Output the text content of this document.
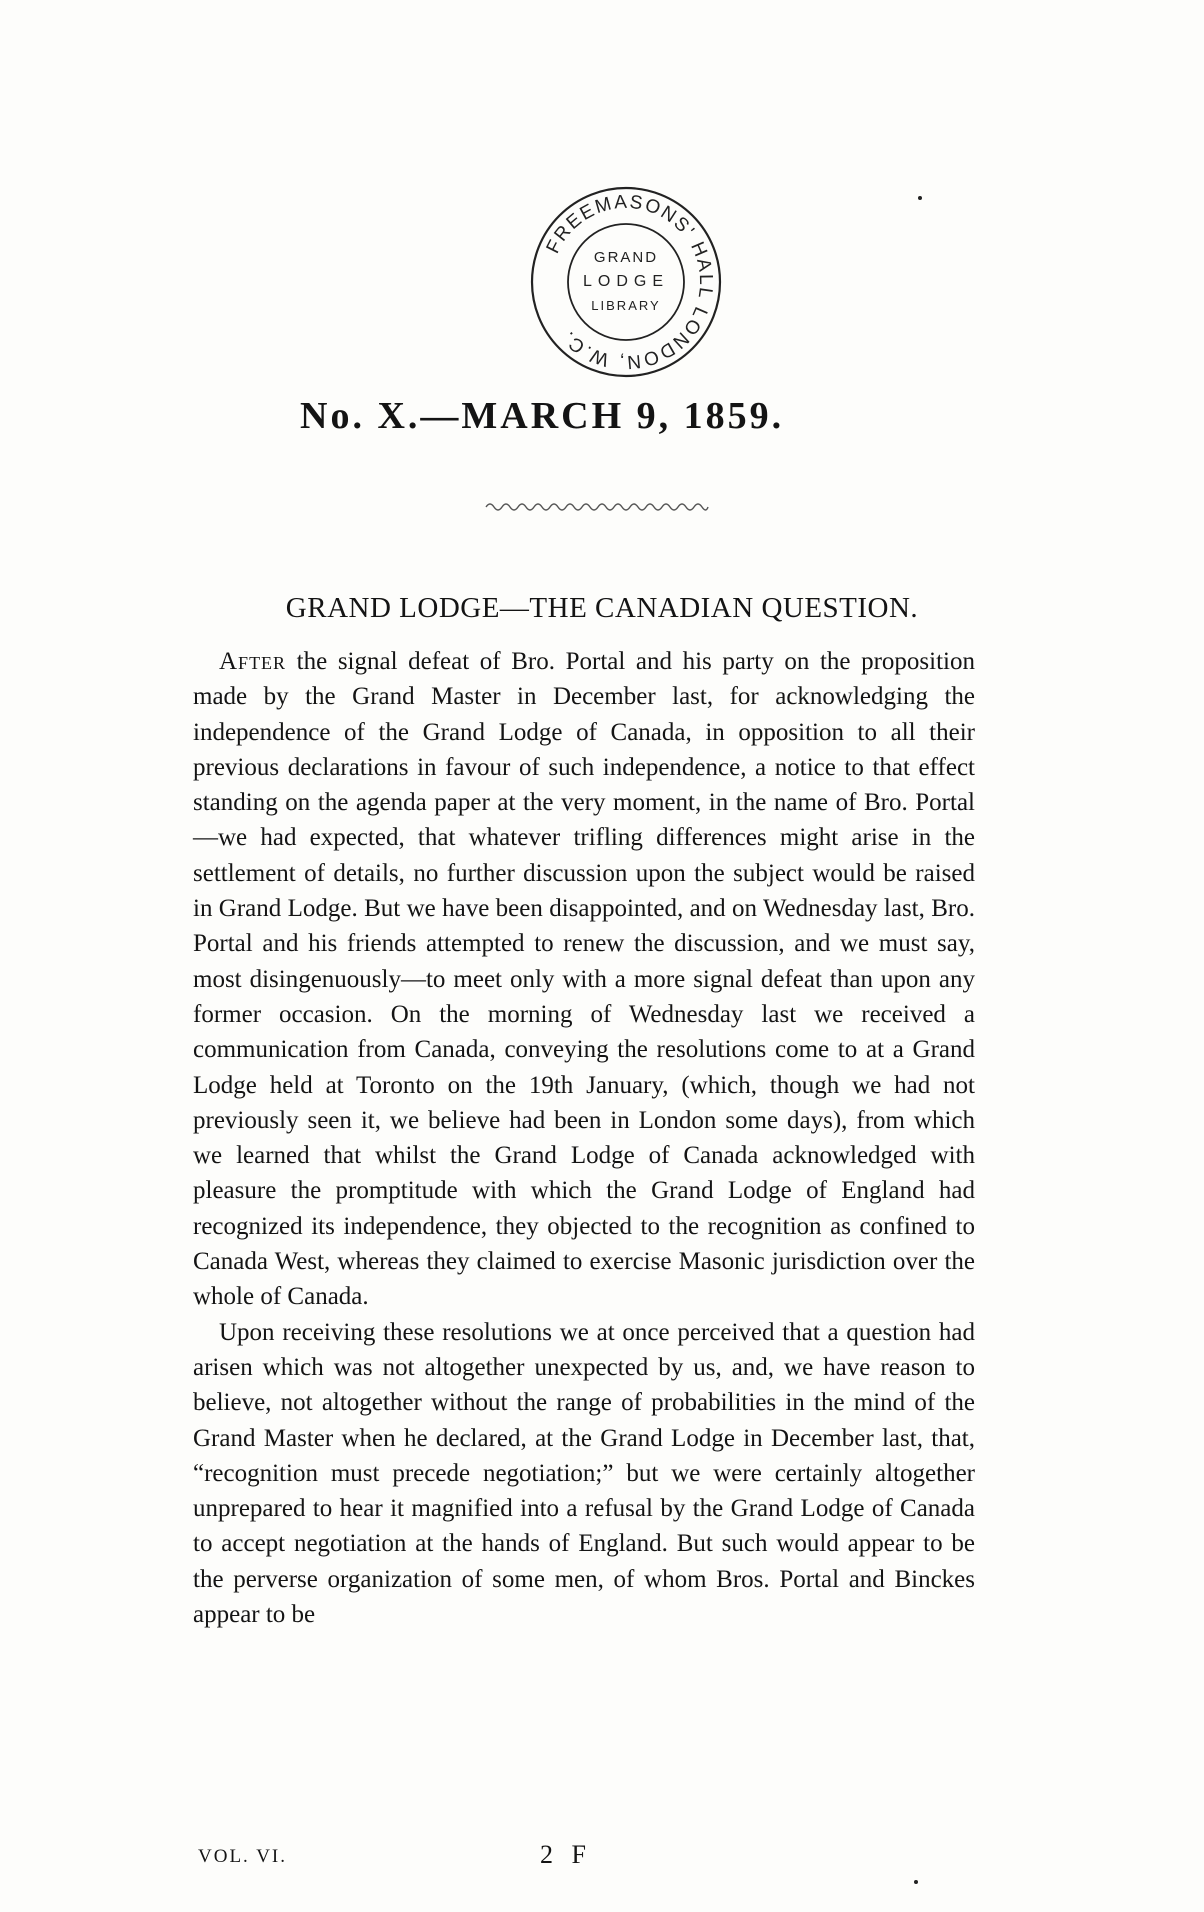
FREEMASONS' HALL LONDON, W.C.
GRAND
LODGE
LIBRARY
No. X.—MARCH 9, 1859.
GRAND LODGE—THE CANADIAN QUESTION.

After the signal defeat of Bro. Portal and his party on the proposition made by the Grand Master in December last, for acknowledging the independence of the Grand Lodge of Canada, in opposition to all their previous declarations in favour of such independence, a notice to that effect standing on the agenda paper at the very moment, in the name of Bro. Portal—we had expected, that whatever trifling differences might arise in the settlement of details, no further discussion upon the subject would be raised in Grand Lodge. But we have been disappointed, and on Wednesday last, Bro. Portal and his friends attempted to renew the discussion, and we must say, most disingenuously—to meet only with a more signal defeat than upon any former occasion. On the morning of Wednesday last we received a communication from Canada, conveying the resolutions come to at a Grand Lodge held at Toronto on the 19th January, (which, though we had not previously seen it, we believe had been in London some days), from which we learned that whilst the Grand Lodge of Canada acknowledged with pleasure the promptitude with which the Grand Lodge of England had recognized its independence, they objected to the recognition as confined to Canada West, whereas they claimed to exercise Masonic jurisdiction over the whole of Canada.

Upon receiving these resolutions we at once perceived that a question had arisen which was not altogether unexpected by us, and, we have reason to believe, not altogether without the range of probabilities in the mind of the Grand Master when he declared, at the Grand Lodge in December last, that, “recognition must precede negotiation;” but we were certainly altogether unprepared to hear it magnified into a refusal by the Grand Lodge of Canada to accept negotiation at the hands of England. But such would appear to be the perverse organization of some men, of whom Bros. Portal and Binckes appear to be

VOL. VI.	2 F
